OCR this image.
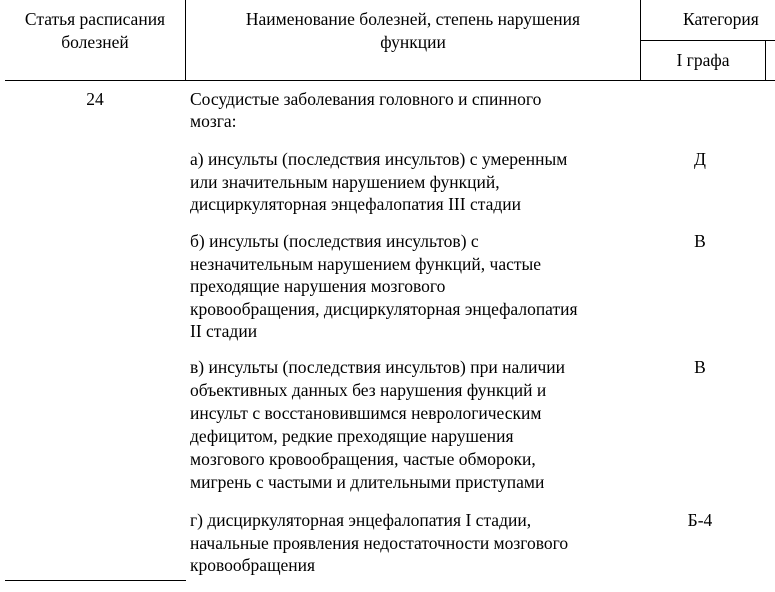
Статья расписания
болезней
Наименование болезней, степень нарушения
функции
Категория
I графа
24	Сосудистые заболевания головного и спинного
мозга:
а) инсульты (последствия инсультов) с умеренным
или значительным нарушением функций,
дисциркуляторная энцефалопатия III стадии
Д
б) инсульты (последствия инсультов) с
незначительным нарушением функций, частые
преходящие нарушения мозгового
кровообращения, дисциркуляторная энцефалопатия
II стадии
В
в) инсульты (последствия инсультов) при наличии
объективных данных без нарушения функций и
инсульт с восстановившимся неврологическим
дефицитом, редкие преходящие нарушения
мозгового кровообращения, частые обмороки,
мигрень с частыми и длительными приступами
В
г) дисциркуляторная энцефалопатия I стадии,
начальные проявления недостаточности мозгового
кровообращения
Б-4
